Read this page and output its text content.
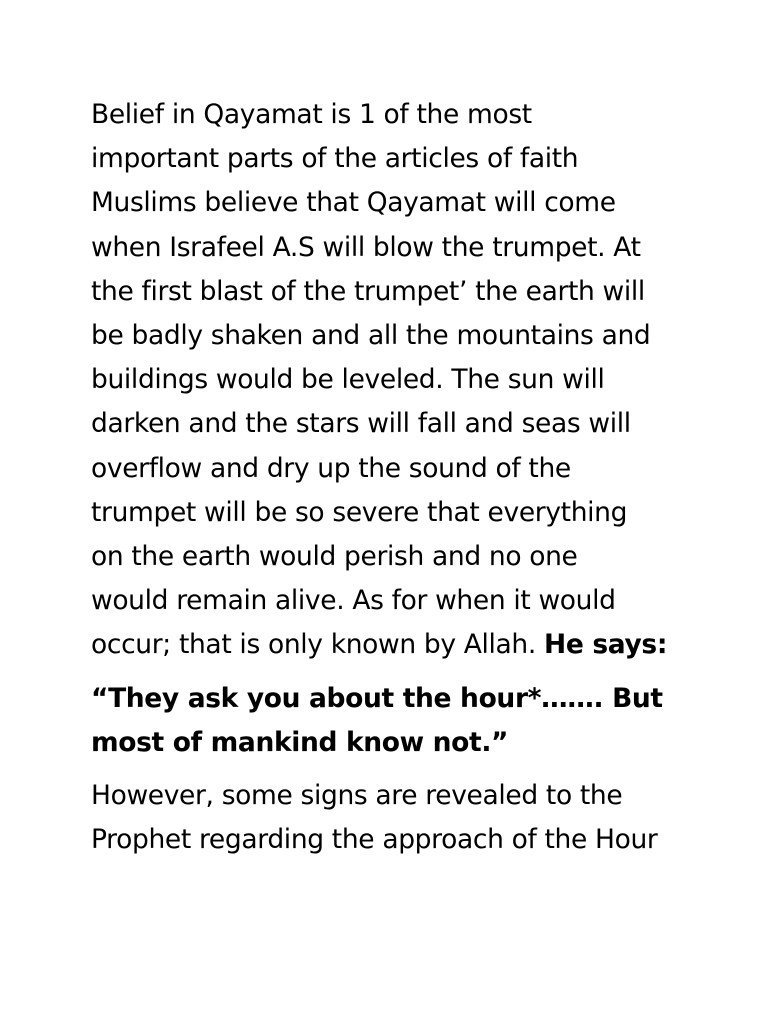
Belief in Qayamat is 1 of the most
important parts of the articles of faith
Muslims believe that Qayamat will come
when Israfeel A.S will blow the trumpet. At
the first blast of the trumpet’ the earth will
be badly shaken and all the mountains and
buildings would be leveled. The sun will
darken and the stars will fall and seas will
overflow and dry up the sound of the
trumpet will be so severe that everything
on the earth would perish and no one
would remain alive. As for when it would
occur; that is only known by Allah. He says:

“They ask you about the hour*……. But
most of mankind know not.”

However, some signs are revealed to the
Prophet regarding the approach of the Hour
